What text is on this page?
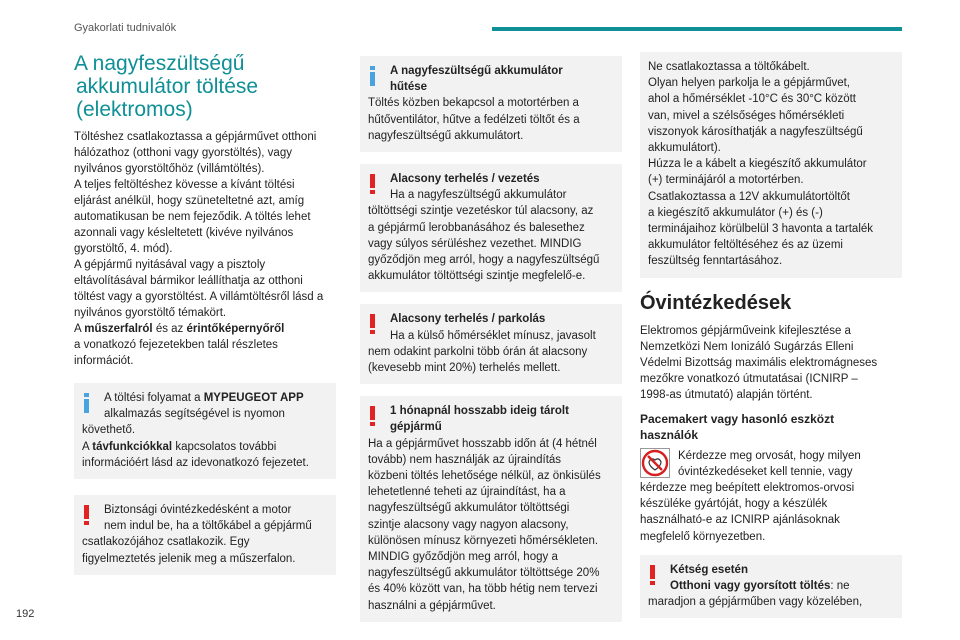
Gyakorlati tudnivalók
A nagyfeszültségű
akkumulátor töltése
(elektromos)
Töltéshez csatlakoztassa a gépjárművet otthoni
hálózathoz (otthoni vagy gyorstöltés), vagy
nyilvános gyorstöltőhöz (villámtöltés).
A teljes feltöltéshez kövesse a kívánt töltési
eljárást anélkül, hogy szüneteltetné azt, amíg
automatikusan be nem fejeződik. A töltés lehet
azonnali vagy késleltetett (kivéve nyilvános
gyorstöltő, 4. mód).
A gépjármű nyitásával vagy a pisztoly
eltávolításával bármikor leállíthatja az otthoni
töltést vagy a gyorstöltést. A villámtöltésről lásd a
nyilvános gyorstöltő témakört.
A műszerfalról és az érintőképernyőről
a vonatkozó fejezetekben talál részletes
információt.
A töltési folyamat a MYPEUGEOT APP
alkalmazás segítségével is nyomon
követhető.
A távfunkciókkal kapcsolatos további
információért lásd az idevonatkozó fejezetet.
Biztonsági óvintézkedésként a motor
nem indul be, ha a töltőkábel a gépjármű
csatlakozójához csatlakozik. Egy
figyelmeztetés jelenik meg a műszerfalon.
A nagyfeszültségű akkumulátor
hűtése
Töltés közben bekapcsol a motortérben a
hűtőventilátor, hűtve a fedélzeti töltőt és a
nagyfeszültségű akkumulátort.
Alacsony terhelés / vezetés
Ha a nagyfeszültségű akkumulátor
töltöttségi szintje vezetéskor túl alacsony, az
a gépjármű lerobbanásához és balesethez
vagy súlyos sérüléshez vezethet. MINDIG
győződjön meg arról, hogy a nagyfeszültségű
akkumulátor töltöttségi szintje megfelelő-e.
Alacsony terhelés / parkolás
Ha a külső hőmérséklet mínusz, javasolt
nem odakint parkolni több órán át alacsony
(kevesebb mint 20%) terhelés mellett.
1 hónapnál hosszabb ideig tárolt
gépjármű
Ha a gépjárművet hosszabb időn át (4 hétnél
tovább) nem használják az újraindítás
közbeni töltés lehetősége nélkül, az önkisülés
lehetetlenné teheti az újraindítást, ha a
nagyfeszültségű akkumulátor töltöttségi
szintje alacsony vagy nagyon alacsony,
különösen mínusz környezeti hőmérsékleten.
MINDIG győződjön meg arról, hogy a
nagyfeszültségű akkumulátor töltöttsége 20%
és 40% között van, ha több hétig nem tervezi
használni a gépjárművet.
Ne csatlakoztassa a töltőkábelt.
Olyan helyen parkolja le a gépjárművet,
ahol a hőmérséklet -10°C és 30°C között
van, mivel a szélsőséges hőmérsékleti
viszonyok károsíthatják a nagyfeszültségű
akkumulátort).
Húzza le a kábelt a kiegészítő akkumulátor
(+) terminájáról a motortérben.
Csatlakoztassa a 12V akkumulátortöltőt
a kiegészítő akkumulátor (+) és (-)
terminájaihoz körülbelül 3 havonta a tartalék
akkumulátor feltöltéséhez és az üzemi
feszültség fenntartásához.
Óvintézkedések
Elektromos gépjárműveink kifejlesztése a
Nemzetközi Nem Ionizáló Sugárzás Elleni
Védelmi Bizottság maximális elektromágneses
mezőkre vonatkozó útmutatásai (ICNIRP –
1998-as útmutató) alapján történt.
Pacemakert vagy hasonló eszközt
használók
Kérdezze meg orvosát, hogy milyen
óvintézkedéseket kell tennie, vagy
kérdezze meg beépített elektromos-orvosi
készüléke gyártóját, hogy a készülék
használható-e az ICNIRP ajánlásoknak
megfelelő környezetben.
Kétség esetén
Otthoni vagy gyorsított töltés: ne
maradjon a gépjárműben vagy közelében,
192
